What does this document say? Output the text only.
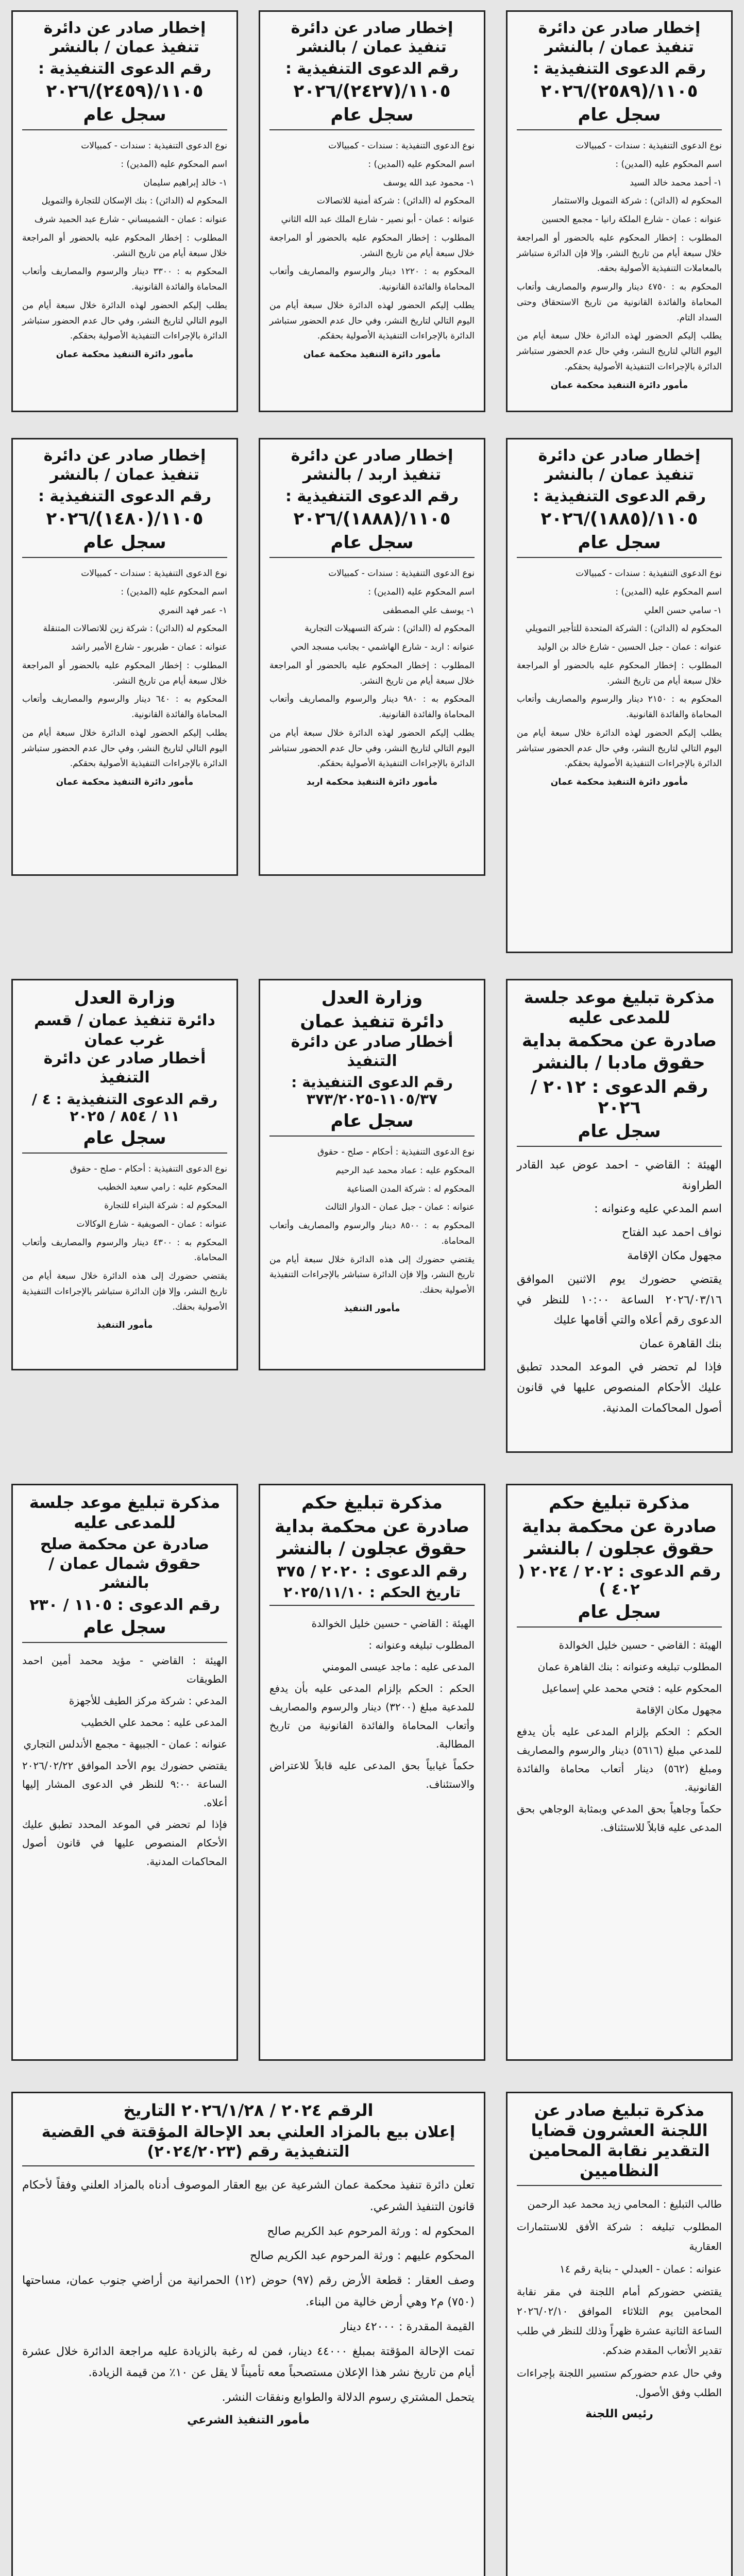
إخطار صادر عن دائرة تنفيذ عمان / بالنشر
رقم الدعوى التنفيذية :
١١٠٥/(٢٥٨٩)/٢٠٢٦
سجل عام

نوع الدعوى التنفيذية : سندات - كمبيالات

اسم المحكوم عليه (المدين) :

١- أحمد محمد خالد السيد

المحكوم له (الدائن) : شركة التمويل والاستثمار

عنوانه : عمان - شارع الملكة رانيا - مجمع الحسين

المطلوب : إخطار المحكوم عليه بالحضور أو المراجعة خلال سبعة أيام من تاريخ النشر، وإلا فإن الدائرة ستباشر بالمعاملات التنفيذية الأصولية بحقه.

المحكوم به : ٤٧٥٠ دينار والرسوم والمصاريف وأتعاب المحاماة والفائدة القانونية من تاريخ الاستحقاق وحتى السداد التام.

يطلب إليكم الحضور لهذه الدائرة خلال سبعة أيام من اليوم التالي لتاريخ النشر، وفي حال عدم الحضور ستباشر الدائرة بالإجراءات التنفيذية الأصولية بحقكم.

مأمور دائرة التنفيذ محكمة عمان
إخطار صادر عن دائرة تنفيذ عمان / بالنشر
رقم الدعوى التنفيذية :
١١٠٥/(٢٤٢٧)/٢٠٢٦
سجل عام

نوع الدعوى التنفيذية : سندات - كمبيالات

اسم المحكوم عليه (المدين) :

١- محمود عبد الله يوسف

المحكوم له (الدائن) : شركة أمنية للاتصالات

عنوانه : عمان - أبو نصير - شارع الملك عبد الله الثاني

المطلوب : إخطار المحكوم عليه بالحضور أو المراجعة خلال سبعة أيام من تاريخ النشر.

المحكوم به : ١٢٢٠ دينار والرسوم والمصاريف وأتعاب المحاماة والفائدة القانونية.

يطلب إليكم الحضور لهذه الدائرة خلال سبعة أيام من اليوم التالي لتاريخ النشر، وفي حال عدم الحضور ستباشر الدائرة بالإجراءات التنفيذية الأصولية بحقكم.

مأمور دائرة التنفيذ محكمة عمان
إخطار صادر عن دائرة تنفيذ عمان / بالنشر
رقم الدعوى التنفيذية :
١١٠٥/(٢٤٥٩)/٢٠٢٦
سجل عام

نوع الدعوى التنفيذية : سندات - كمبيالات

اسم المحكوم عليه (المدين) :

١- خالد إبراهيم سليمان

المحكوم له (الدائن) : بنك الإسكان للتجارة والتمويل

عنوانه : عمان - الشميساني - شارع عبد الحميد شرف

المطلوب : إخطار المحكوم عليه بالحضور أو المراجعة خلال سبعة أيام من تاريخ النشر.

المحكوم به : ٣٣٠٠ دينار والرسوم والمصاريف وأتعاب المحاماة والفائدة القانونية.

يطلب إليكم الحضور لهذه الدائرة خلال سبعة أيام من اليوم التالي لتاريخ النشر، وفي حال عدم الحضور ستباشر الدائرة بالإجراءات التنفيذية الأصولية بحقكم.

مأمور دائرة التنفيذ محكمة عمان
إخطار صادر عن دائرة تنفيذ عمان / بالنشر
رقم الدعوى التنفيذية :
١١٠٥/(١٨٨٥)/٢٠٢٦
سجل عام

نوع الدعوى التنفيذية : سندات - كمبيالات

اسم المحكوم عليه (المدين) :

١- سامي حسن العلي

المحكوم له (الدائن) : الشركة المتحدة للتأجير التمويلي

عنوانه : عمان - جبل الحسين - شارع خالد بن الوليد

المطلوب : إخطار المحكوم عليه بالحضور أو المراجعة خلال سبعة أيام من تاريخ النشر.

المحكوم به : ٢١٥٠ دينار والرسوم والمصاريف وأتعاب المحاماة والفائدة القانونية.

يطلب إليكم الحضور لهذه الدائرة خلال سبعة أيام من اليوم التالي لتاريخ النشر، وفي حال عدم الحضور ستباشر الدائرة بالإجراءات التنفيذية الأصولية بحقكم.

مأمور دائرة التنفيذ محكمة عمان
إخطار صادر عن دائرة تنفيذ اربد / بالنشر
رقم الدعوى التنفيذية :
١١٠٥/(١٨٨٨)/٢٠٢٦
سجل عام

نوع الدعوى التنفيذية : سندات - كمبيالات

اسم المحكوم عليه (المدين) :

١- يوسف علي المصطفى

المحكوم له (الدائن) : شركة التسهيلات التجارية

عنوانه : اربد - شارع الهاشمي - بجانب مسجد الحي

المطلوب : إخطار المحكوم عليه بالحضور أو المراجعة خلال سبعة أيام من تاريخ النشر.

المحكوم به : ٩٨٠ دينار والرسوم والمصاريف وأتعاب المحاماة والفائدة القانونية.

يطلب إليكم الحضور لهذه الدائرة خلال سبعة أيام من اليوم التالي لتاريخ النشر، وفي حال عدم الحضور ستباشر الدائرة بالإجراءات التنفيذية الأصولية بحقكم.

مأمور دائرة التنفيذ محكمة اربد
إخطار صادر عن دائرة تنفيذ عمان / بالنشر
رقم الدعوى التنفيذية :
١١٠٥/(١٤٨٠)/٢٠٢٦
سجل عام

نوع الدعوى التنفيذية : سندات - كمبيالات

اسم المحكوم عليه (المدين) :

١- عمر فهد النمري

المحكوم له (الدائن) : شركة زين للاتصالات المتنقلة

عنوانه : عمان - طبربور - شارع الأمير راشد

المطلوب : إخطار المحكوم عليه بالحضور أو المراجعة خلال سبعة أيام من تاريخ النشر.

المحكوم به : ٦٤٠ دينار والرسوم والمصاريف وأتعاب المحاماة والفائدة القانونية.

يطلب إليكم الحضور لهذه الدائرة خلال سبعة أيام من اليوم التالي لتاريخ النشر، وفي حال عدم الحضور ستباشر الدائرة بالإجراءات التنفيذية الأصولية بحقكم.

مأمور دائرة التنفيذ محكمة عمان
مذكرة تبليغ موعد جلسة للمدعى عليه
صادرة عن محكمة بداية حقوق مادبا / بالنشر
رقم الدعوى : ٢٠١٢ / ٢٠٢٦
سجل عام

الهيئة : القاضي - احمد عوض عبد القادر الطراونة

اسم المدعي عليه وعنوانه :

نواف احمد عبد الفتاح

مجهول مكان الإقامة

يقتضي حضورك يوم الاثنين الموافق ٢٠٢٦/٠٣/١٦ الساعة ١٠:٠٠ للنظر في الدعوى رقم أعلاه والتي أقامها عليك

بنك القاهرة عمان

فإذا لم تحضر في الموعد المحدد تطبق عليك الأحكام المنصوص عليها في قانون أصول المحاكمات المدنية.

وزارة العدل
دائرة تنفيذ عمان
أخطار صادر عن دائرة التنفيذ
رقم الدعوى التنفيذية : ١١٠٥/٣٧-٣٧٣/٢٠٢٥
سجل عام

نوع الدعوى التنفيذية : أحكام - صلح - حقوق

المحكوم عليه : عماد محمد عبد الرحيم

المحكوم له : شركة المدن الصناعية

عنوانه : عمان - جبل عمان - الدوار الثالث

المحكوم به : ٨٥٠٠ دينار والرسوم والمصاريف وأتعاب المحاماة.

يقتضي حضورك إلى هذه الدائرة خلال سبعة أيام من تاريخ النشر، وإلا فإن الدائرة ستباشر بالإجراءات التنفيذية الأصولية بحقك.

مأمور التنفيذ
وزارة العدل
دائرة تنفيذ عمان / قسم غرب عمان
أخطار صادر عن دائرة التنفيذ
رقم الدعوى التنفيذية : ٤ / ١١ / ٨٥٤ / ٢٠٢٥
سجل عام

نوع الدعوى التنفيذية : أحكام - صلح - حقوق

المحكوم عليه : رامي سعيد الخطيب

المحكوم له : شركة البتراء للتجارة

عنوانه : عمان - الصويفية - شارع الوكالات

المحكوم به : ٤٣٠٠ دينار والرسوم والمصاريف وأتعاب المحاماة.

يقتضي حضورك إلى هذه الدائرة خلال سبعة أيام من تاريخ النشر، وإلا فإن الدائرة ستباشر بالإجراءات التنفيذية الأصولية بحقك.

مأمور التنفيذ
مذكرة تبليغ حكم
صادرة عن محكمة بداية حقوق عجلون / بالنشر
رقم الدعوى : ٢٠٢ / ٢٠٢٤ ( ٤٠٢ )
سجل عام

الهيئة : القاضي - حسين خليل الخوالدة

المطلوب تبليغه وعنوانه : بنك القاهرة عمان

المحكوم عليه : فتحي محمد علي إسماعيل

مجهول مكان الإقامة

الحكم : الحكم بإلزام المدعى عليه بأن يدفع للمدعي مبلغ (٥٦١٦) دينار والرسوم والمصاريف ومبلغ (٥٦٢) دينار أتعاب محاماة والفائدة القانونية.

حكماً وجاهياً بحق المدعي وبمثابة الوجاهي بحق المدعى عليه قابلاً للاستئناف.

مذكرة تبليغ حكم
صادرة عن محكمة بداية حقوق عجلون / بالنشر
رقم الدعوى : ٢٠٢٠ / ٣٧٥
تاريخ الحكم : ٢٠٢٥/١١/١٠

الهيئة : القاضي - حسين خليل الخوالدة

المطلوب تبليغه وعنوانه :

المدعى عليه : ماجد عيسى المومني

الحكم : الحكم بإلزام المدعى عليه بأن يدفع للمدعية مبلغ (٣٢٠٠) دينار والرسوم والمصاريف وأتعاب المحاماة والفائدة القانونية من تاريخ المطالبة.

حكماً غيابياً بحق المدعى عليه قابلاً للاعتراض والاستئناف.

مذكرة تبليغ موعد جلسة للمدعى عليه
صادرة عن محكمة صلح حقوق شمال عمان / بالنشر
رقم الدعوى : ١١٠٥ / ٢٣٠
سجل عام

الهيئة : القاضي - مؤيد محمد أمين احمد الطويقات

المدعي : شركة مركز الطيف للأجهزة

المدعى عليه : محمد علي الخطيب

عنوانه : عمان - الجبيهة - مجمع الأندلس التجاري

يقتضي حضورك يوم الأحد الموافق ٢٠٢٦/٠٢/٢٢ الساعة ٩:٠٠ للنظر في الدعوى المشار إليها أعلاه.

فإذا لم تحضر في الموعد المحدد تطبق عليك الأحكام المنصوص عليها في قانون أصول المحاكمات المدنية.

الرقم ٢٠٢٤ / ٢٠٢٦/١/٢٨ التاريخ
إعلان بيع بالمزاد العلني بعد الإحالة المؤقتة في القضية التنفيذية رقم (٢٠٢٤/٢٠٢٣)

تعلن دائرة تنفيذ محكمة عمان الشرعية عن بيع العقار الموصوف أدناه بالمزاد العلني وفقاً لأحكام قانون التنفيذ الشرعي.

المحكوم له : ورثة المرحوم عبد الكريم صالح

المحكوم عليهم : ورثة المرحوم عبد الكريم صالح

وصف العقار : قطعة الأرض رقم (٩٧) حوض (١٢) الحمرانية من أراضي جنوب عمان، مساحتها (٧٥٠) م٢ وهي أرض خالية من البناء.

القيمة المقدرة : ٤٢٠٠٠ دينار

تمت الإحالة المؤقتة بمبلغ ٤٤٠٠٠ دينار، فمن له رغبة بالزيادة عليه مراجعة الدائرة خلال عشرة أيام من تاريخ نشر هذا الإعلان مستصحباً معه تأميناً لا يقل عن ١٠٪ من قيمة الزيادة.

يتحمل المشتري رسوم الدلالة والطوابع ونفقات النشر.

مأمور التنفيذ الشرعي
مذكرة تبليغ صادر عن اللجنة العشرون قضايا التقدير نقابة المحامين النظاميين

طالب التبليغ : المحامي زيد محمد عبد الرحمن

المطلوب تبليغه : شركة الأفق للاستثمارات العقارية

عنوانه : عمان - العبدلي - بناية رقم ١٤

يقتضي حضوركم أمام اللجنة في مقر نقابة المحامين يوم الثلاثاء الموافق ٢٠٢٦/٠٢/١٠ الساعة الثانية عشرة ظهراً وذلك للنظر في طلب تقدير الأتعاب المقدم ضدكم.

وفي حال عدم حضوركم ستسير اللجنة بإجراءات الطلب وفق الأصول.

رئيس اللجنة
